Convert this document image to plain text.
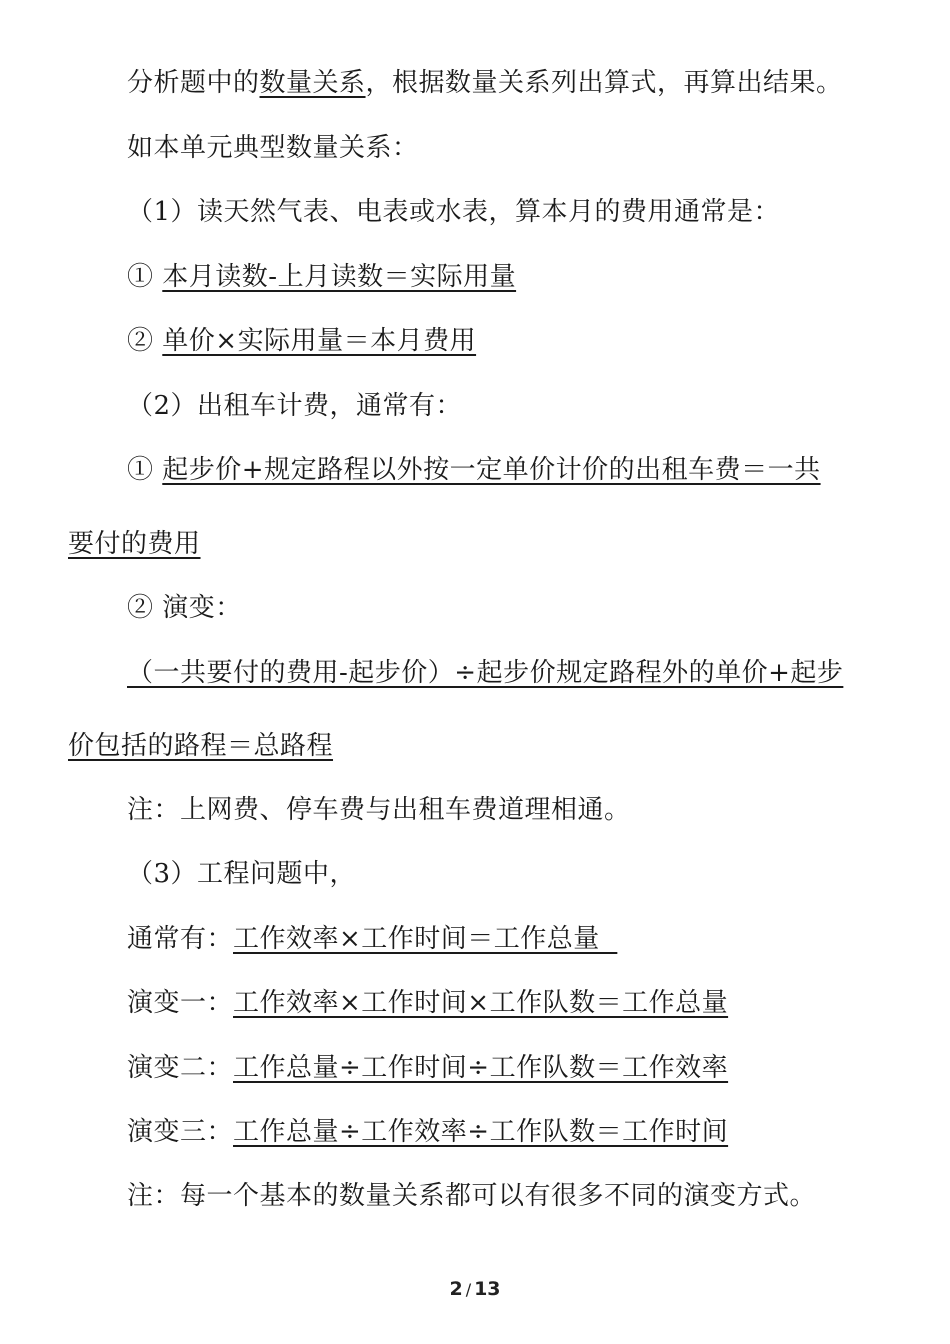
分析题中的数量关系，根据数量关系列出算式，再算出结果。
如本单元典型数量关系：
（1）读天然气表、电表或水表，算本月的费用通常是：
① 本月读数-上月读数＝实际用量
② 单价×实际用量＝本月费用
（2）出租车计费，通常有：
① 起步价+规定路程以外按一定单价计价的出租车费＝一共
要付的费用
② 演变：
（一共要付的费用-起步价）÷起步价规定路程外的单价+起步
价包括的路程＝总路程
注：上网费、停车费与出租车费道理相通。
（3）工程问题中，
通常有：工作效率×工作时间＝工作总量
演变一：工作效率×工作时间×工作队数＝工作总量
演变二：工作总量÷工作时间÷工作队数＝工作效率
演变三：工作总量÷工作效率÷工作队数＝工作时间
注：每一个基本的数量关系都可以有很多不同的演变方式。
2 / 13
